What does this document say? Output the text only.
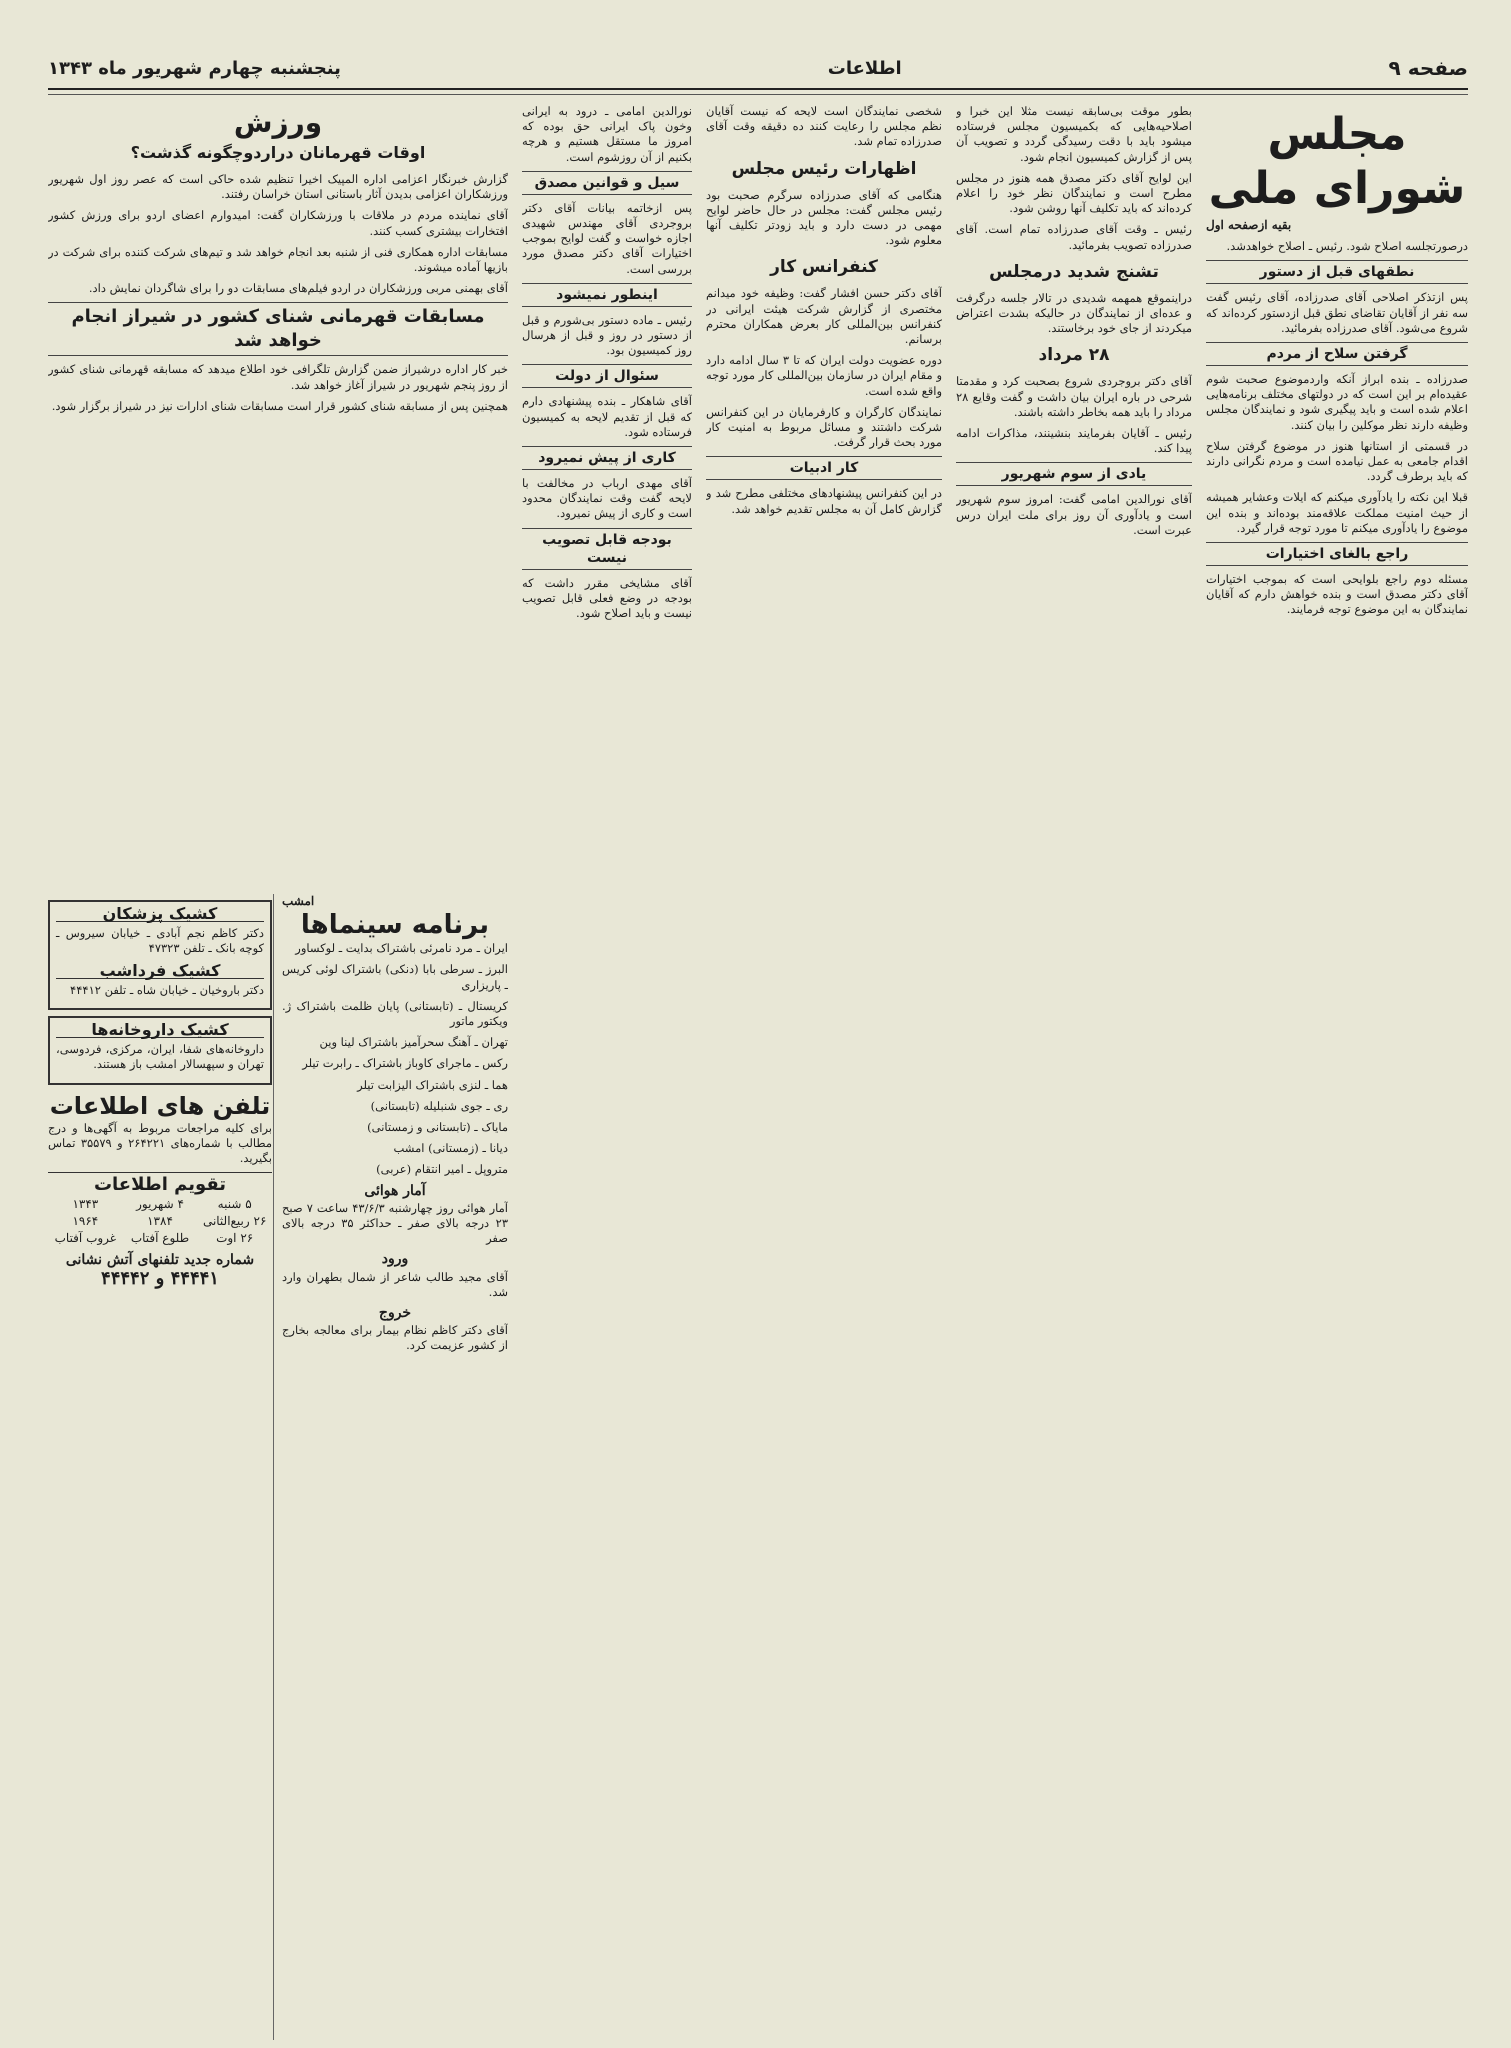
صفحه ۹
اطلاعات
پنجشنبه چهارم شهریور ماه ۱۳۴۳
مجلس شورای ملی
بقیه ازصفحه اول

درصورتجلسه اصلاح شود. رئیس ـ اصلاح خواهدشد.

نطقهای قبل از دستور

پس ازتذکر اصلاحی آقای صدرزاده، آقای رئیس گفت سه نفر از آقایان تقاضای نطق قبل ازدستور کرده‌اند که شروع می‌شود. آقای صدرزاده بفرمائید.

گرفتن سلاح از مردم

صدرزاده ـ بنده ابراز آنکه واردموضوع صحبت شوم عقیده‌ام بر این است که در دولتهای مختلف برنامه‌هایی اعلام شده است و باید پیگیری شود و نمایندگان مجلس وظیفه دارند نظر موکلین را بیان کنند.

در قسمتی از استانها هنوز در موضوع گرفتن سلاح اقدام جامعی به عمل نیامده است و مردم نگرانی دارند که باید برطرف گردد.

قبلا این نکته را یادآوری میکنم که ایلات وعشایر همیشه از حیث امنیت مملکت علاقه‌مند بوده‌اند و بنده این موضوع را یادآوری میکنم تا مورد توجه قرار گیرد.

راجع بالغای اختیارات

مسئله دوم راجع بلوایحی است که بموجب اختیارات آقای دکتر مصدق است و بنده خواهش دارم که آقایان نمایندگان به این موضوع توجه فرمایند.

بطور موقت بی‌سابقه نیست مثلا این خبرا و اصلاحیه‌هایی که بکمیسیون مجلس فرستاده میشود باید با دقت رسیدگی گردد و تصویب آن پس از گزارش کمیسیون انجام شود.

این لوایح آقای دکتر مصدق همه هنوز در مجلس مطرح است و نمایندگان نظر خود را اعلام کرده‌اند که باید تکلیف آنها روشن شود.

رئیس ـ وقت آقای صدرزاده تمام است. آقای صدرزاده تصویب بفرمائید.

تشنج شدید درمجلس

دراینموقع همهمه شدیدی در تالار جلسه درگرفت و عده‌ای از نمایندگان در حالیکه بشدت اعتراض میکردند از جای خود برخاستند.

۲۸ مرداد

آقای دکتر بروجردی شروع بصحبت کرد و مقدمتا شرحی در باره ایران بیان داشت و گفت وقایع ۲۸ مرداد را باید همه بخاطر داشته باشند.

رئیس ـ آقایان بفرمایند بنشینند، مذاکرات ادامه پیدا کند.

یادی از سوم شهریور

آقای نورالدین امامی گفت: امروز سوم شهریور است و یادآوری آن روز برای ملت ایران درس عبرت است.

شخصی نمایندگان است لایحه که نیست آقایان نظم مجلس را رعایت کنند ده دقیقه وقت آقای صدرزاده تمام شد.

اظهارات رئیس مجلس

هنگامی که آقای صدرزاده سرگرم صحبت بود رئیس مجلس گفت: مجلس در حال حاضر لوایح مهمی در دست دارد و باید زودتر تکلیف آنها معلوم شود.

کنفرانس کار

آقای دکتر حسن افشار گفت: وظیفه خود میدانم مختصری از گزارش شرکت هیئت ایرانی در کنفرانس بین‌المللی کار بعرض همکاران محترم برسانم.

دوره عضویت دولت ایران که تا ۳ سال ادامه دارد و مقام ایران در سازمان بین‌المللی کار مورد توجه واقع شده است.

نمایندگان کارگران و کارفرمایان در این کنفرانس شرکت داشتند و مسائل مربوط به امنیت کار مورد بحث قرار گرفت.

کار ادبیات

در این کنفرانس پیشنهادهای مختلفی مطرح شد و گزارش کامل آن به مجلس تقدیم خواهد شد.

نورالدین امامی ـ درود به ایرانی وخون پاک ایرانی حق بوده که امروز ما مستقل هستیم و هرچه بکنیم از آن روزشوم است.

سیل و قوانین مصدق

پس ازخاتمه بیانات آقای دکتر بروجردی آقای مهندس شهیدی اجازه خواست و گفت لوایح بموجب اختیارات آقای دکتر مصدق مورد بررسی است.

اینطور نمیشود

رئیس ـ ماده دستور بی‌شورم و قبل از دستور در روز و قبل از هرسال روز کمیسیون بود.

سئوال از دولت

آقای شاهکار ـ بنده پیشنهادی دارم که قبل از تقدیم لایحه به کمیسیون فرستاده شود.

کاری از پیش نمیرود

آقای مهدی ارباب در مخالفت با لایحه گفت وقت نمایندگان محدود است و کاری از پیش نمیرود.

بودجه قابل تصویب نیست

آقای مشایخی مقرر داشت که بودجه در وضع فعلی قابل تصویب نیست و باید اصلاح شود.

ورزش
اوقات قهرمانان دراردوچگونه گذشت؟

گزارش خبرنگار اعزامی اداره المپیک اخیرا تنظیم شده حاکی است که عصر روز اول شهریور ورزشکاران اعزامی بدیدن آثار باستانی استان خراسان رفتند.

آقای نماینده مردم در ملاقات با ورزشکاران گفت: امیدوارم اعضای اردو برای ورزش کشور افتخارات بیشتری کسب کنند.

مسابقات اداره همکاری فنی از شنبه بعد انجام خواهد شد و تیم‌های شرکت کننده برای شرکت در بازیها آماده میشوند.

آقای بهمنی مربی ورزشکاران در اردو فیلم‌های مسابقات دو را برای شاگردان نمایش داد.

مسابقات قهرمانی شنای کشور در شیراز انجام خواهد شد

خبر کار اداره درشیراز ضمن گزارش تلگرافی خود اطلاع میدهد که مسابقه قهرمانی شنای کشور از روز پنجم شهریور در شیراز آغاز خواهد شد.

همچنین پس از مسابقه شنای کشور قرار است مسابقات شنای ادارات نیز در شیراز برگزار شود.

امشب
برنامه سینماها

ایران ـ مرد نامرئی باشتراک بدایت ـ لوکساور

البرز ـ سرطی بابا (دنکی) باشتراک لوئی کریس ـ پاریزاری

کریستال ـ (تابستانی) پایان ظلمت باشتراک ژ. ویکتور ماتور

تهران ـ آهنگ سحرآمیز باشتراک لینا وین

رکس ـ ماجرای کاوباز باشتراک ـ رابرت تیلر

هما ـ لنزی باشتراک الیزابت تیلر

ری ـ جوی شنبلیله (تابستانی)

مایاک ـ (تابستانی و زمستانی)

دیانا ـ (زمستانی) امشب

متروپل ـ امیر انتقام (عربی)

آمار هوائی

آمار هوائی روز چهارشنبه ۴۳/۶/۳ ساعت ۷ صبح ۲۳ درجه بالای صفر ـ حداکثر ۳۵ درجه بالای صفر

ورود

آقای مجید طالب شاعر از شمال بطهران وارد شد.

خروج

آقای دکتر کاظم نظام بیمار برای معالجه بخارج از کشور عزیمت کرد.

کشیک پزشکان

دکتر کاظم نجم آبادی ـ خیابان سیروس ـ کوچه بانک ـ تلفن ۴۷۳۲۳

کشیک فرداشب

دکتر باروخیان ـ خیابان شاه ـ تلفن ۴۴۴۱۲

کشیک داروخانه‌ها

داروخانه‌های شفا، ایران، مرکزی، فردوسی، تهران و سپهسالار امشب باز هستند.

تلفن های اطلاعات

برای کلیه مراجعات مربوط به آگهی‌ها و درج مطالب با شماره‌های ۲۶۴۲۲۱ و ۳۵۵۷۹ تماس بگیرید.

تقویم اطلاعات
۵ شنبه
۴ شهریور
۱۳۴۳
۲۶ ربیع‌الثانی
۱۳۸۴
۱۹۶۴
۲۶ اوت
طلوع آفتاب
غروب آفتاب
شماره جدید تلفنهای آتش نشانی
۴۴۴۴۱ و ۴۴۴۴۲
